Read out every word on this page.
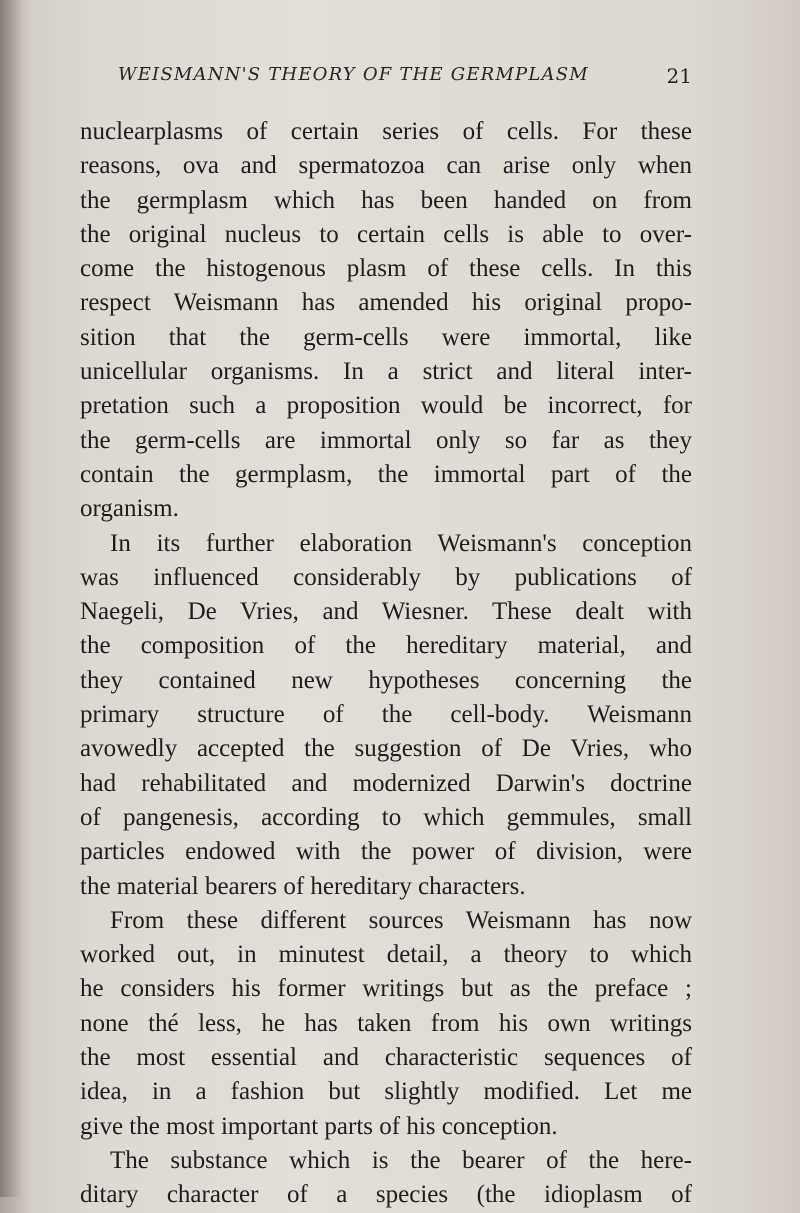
WEISMANN'S THEORY OF THE GERMPLASM	21
nuclearplasms of certain series of cells. For these
reasons, ova and spermatozoa can arise only when
the germplasm which has been handed on from
the original nucleus to certain cells is able to over-
come the histogenous plasm of these cells. In this
respect Weismann has amended his original propo-
sition that the germ-cells were immortal, like
unicellular organisms. In a strict and literal inter-
pretation such a proposition would be incorrect, for
the germ-cells are immortal only so far as they
contain the germplasm, the immortal part of the
organism.
In its further elaboration Weismann's conception
was influenced considerably by publications of
Naegeli, De Vries, and Wiesner. These dealt with
the composition of the hereditary material, and
they contained new hypotheses concerning the
primary structure of the cell-body. Weismann
avowedly accepted the suggestion of De Vries, who
had rehabilitated and modernized Darwin's doctrine
of pangenesis, according to which gemmules, small
particles endowed with the power of division, were
the material bearers of hereditary characters.
From these different sources Weismann has now
worked out, in minutest detail, a theory to which
he considers his former writings but as the preface ;
none thé less, he has taken from his own writings
the most essential and characteristic sequences of
idea, in a fashion but slightly modified. Let me
give the most important parts of his conception.
The substance which is the bearer of the here-
ditary character of a species (the idioplasm of
